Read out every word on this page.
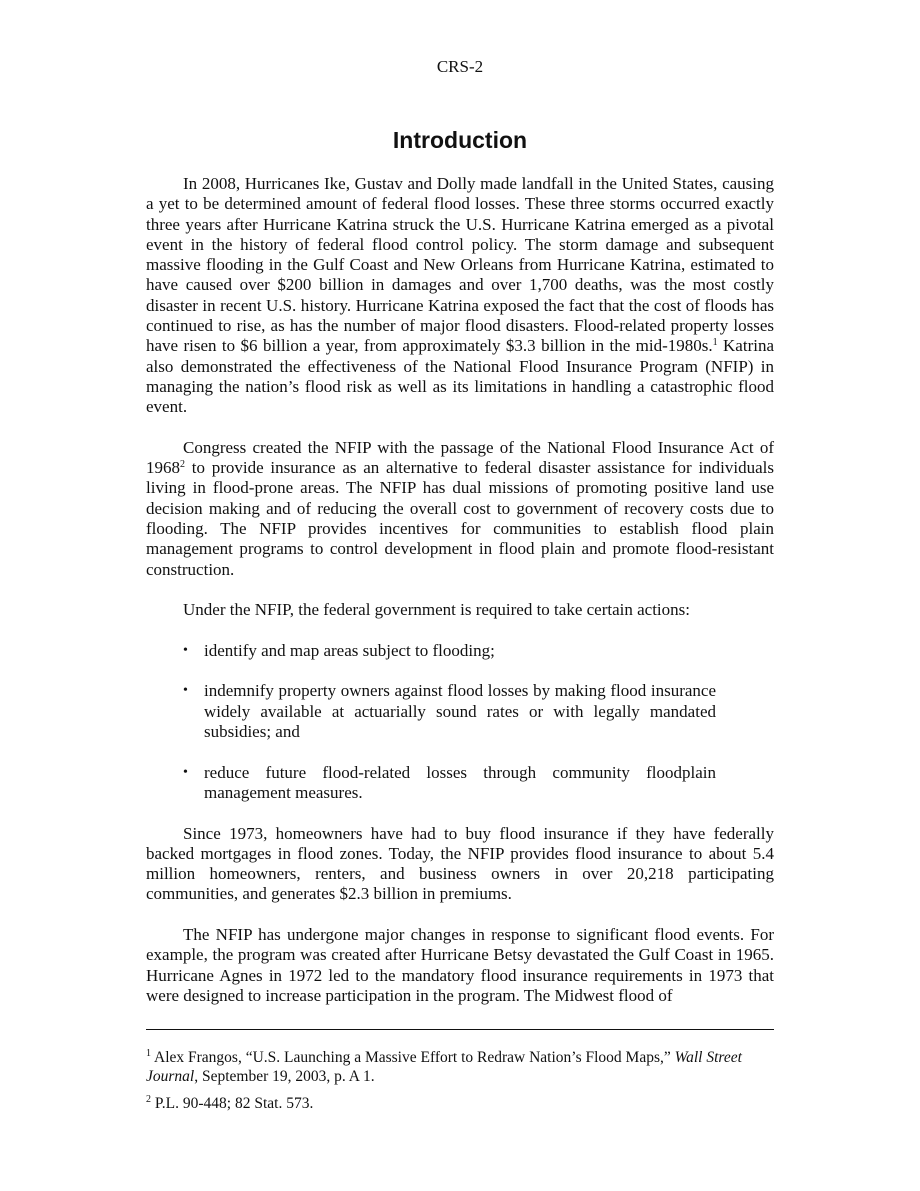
CRS-2
Introduction

In 2008, Hurricanes Ike, Gustav and Dolly made landfall in the United States, causing a yet to be determined amount of federal flood losses. These three storms occurred exactly three years after Hurricane Katrina struck the U.S. Hurricane Katrina emerged as a pivotal event in the history of federal flood control policy. The storm damage and subsequent massive flooding in the Gulf Coast and New Orleans from Hurricane Katrina, estimated to have caused over $200 billion in damages and over 1,700 deaths, was the most costly disaster in recent U.S. history. Hurricane Katrina exposed the fact that the cost of floods has continued to rise, as has the number of major flood disasters. Flood-related property losses have risen to $6 billion a year, from approximately $3.3 billion in the mid-1980s.$^1$ Katrina also demonstrated the effectiveness of the National Flood Insurance Program (NFIP) in managing the nation’s flood risk as well as its limitations in handling a catastrophic flood event.

Congress created the NFIP with the passage of the National Flood Insurance Act of 1968$^2$ to provide insurance as an alternative to federal disaster assistance for individuals living in flood-prone areas. The NFIP has dual missions of promoting positive land use decision making and of reducing the overall cost to government of recovery costs due to flooding. The NFIP provides incentives for communities to establish flood plain management programs to control development in flood plain and promote flood-resistant construction.

Under the NFIP, the federal government is required to take certain actions:

• identify and map areas subject to flooding;
• indemnify property owners against flood losses by making flood insurance widely available at actuarially sound rates or with legally mandated subsidies; and
• reduce future flood-related losses through community floodplain management measures.

Since 1973, homeowners have had to buy flood insurance if they have federally backed mortgages in flood zones. Today, the NFIP provides flood insurance to about 5.4 million homeowners, renters, and business owners in over 20,218 participating communities, and generates $2.3 billion in premiums.

The NFIP has undergone major changes in response to significant flood events. For example, the program was created after Hurricane Betsy devastated the Gulf Coast in 1965. Hurricane Agnes in 1972 led to the mandatory flood insurance requirements in 1973 that were designed to increase participation in the program. The Midwest flood of

$^1$ Alex Frangos, “U.S. Launching a Massive Effort to Redraw Nation’s Flood Maps,” Wall Street Journal, September 19, 2003, p. A 1.

$^2$ P.L. 90-448; 82 Stat. 573.
